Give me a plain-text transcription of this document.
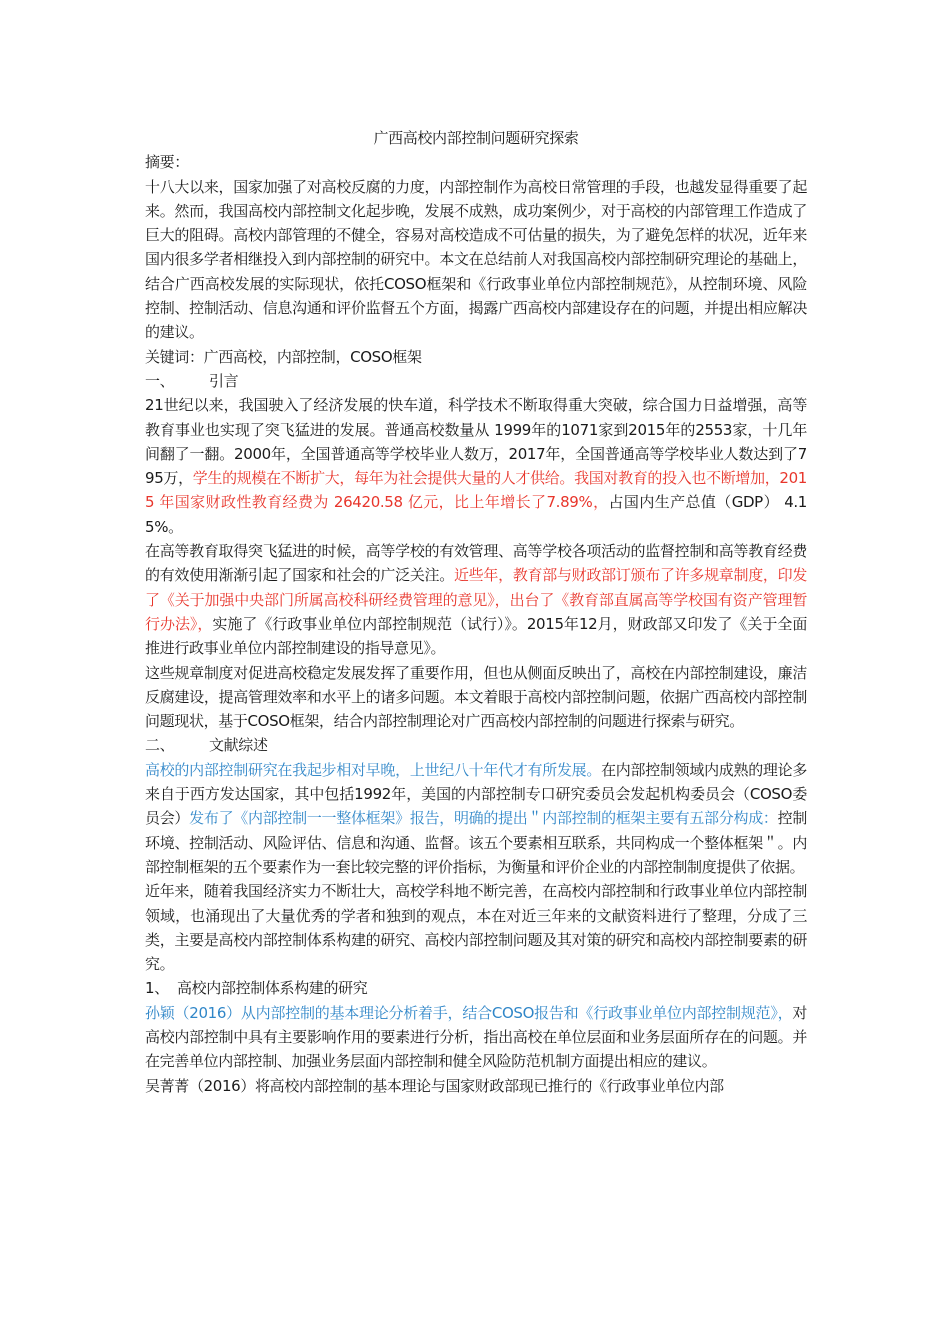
广西高校内部控制问题研究探索

摘要：

十八大以来，国家加强了对高校反腐的力度，内部控制作为高校日常管理的手段，也越发显得重要了起来。然而，我国高校内部控制文化起步晚，发展不成熟，成功案例少，对于高校的内部管理工作造成了巨大的阻碍。高校内部管理的不健全，容易对高校造成不可估量的损失，为了避免怎样的状况，近年来国内很多学者相继投入到内部控制的研究中。本文在总结前人对我国高校内部控制研究理论的基础上，结合广西高校发展的实际现状，依托COSO框架和《行政事业单位内部控制规范》，从控制环境、风险控制、控制活动、信息沟通和评价监督五个方面，揭露广西高校内部建设存在的问题，并提出相应解决的建议。

关键词：广西高校，内部控制，COSO框架

一、 引言

21世纪以来，我国驶入了经济发展的快车道，科学技术不断取得重大突破，综合国力日益增强，高等教育事业也实现了突飞猛进的发展。普通高校数量从 1999年的1071家到2015年的2553家，十几年间翻了一翻。2000年，全国普通高等学校毕业人数万，2017年，全国普通高等学校毕业人数达到了795万，学生的规模在不断扩大，每年为社会提供大量的人才供给。我国对教育的投入也不断增加，2015 年国家财政性教育经费为 26420.58 亿元，比上年增长了7.89%，占国内生产总值（GDP） 4.15%。

在高等教育取得突飞猛进的时候，高等学校的有效管理、高等学校各项活动的监督控制和高等教育经费的有效使用渐渐引起了国家和社会的广泛关注。近些年，教育部与财政部订颁布了许多规章制度，印发了《关于加强中央部门所属高校科研经费管理的意见》，出台了《教育部直属高等学校国有资产管理暂行办法》，实施了《行政事业单位内部控制规范（试行）》。2015年12月，财政部又印发了《关于全面推进行政事业单位内部控制建设的指导意见》。

这些规章制度对促进高校稳定发展发挥了重要作用，但也从侧面反映出了，高校在内部控制建设，廉洁反腐建设，提高管理效率和水平上的诸多问题。本文着眼于高校内部控制问题，依据广西高校内部控制问题现状，基于COSO框架，结合内部控制理论对广西高校内部控制的问题进行探索与研究。

二、 文献综述

高校的内部控制研究在我起步相对早晚，上世纪八十年代才有所发展。在内部控制领域内成熟的理论多来自于西方发达国家，其中包括1992年，美国的内部控制专口研究委员会发起机构委员会（COSO委员会）发布了《内部控制一一整体框架》报告，明确的提出＂内部控制的框架主要有五部分构成：控制环境、控制活动、风险评估、信息和沟通、监督。该五个要素相互联系，共同构成一个整体框架＂。内部控制框架的五个要素作为一套比较完整的评价指标，为衡量和评价企业的内部控制制度提供了依据。

近年来，随着我国经济实力不断壮大，高校学科地不断完善，在高校内部控制和行政事业单位内部控制领域，也涌现出了大量优秀的学者和独到的观点，本在对近三年来的文献资料进行了整理，分成了三类，主要是高校内部控制体系构建的研究、高校内部控制问题及其对策的研究和高校内部控制要素的研究。

1、 高校内部控制体系构建的研究

孙颖（2016）从内部控制的基本理论分析着手，结合COSO报告和《行政事业单位内部控制规范》，对高校内部控制中具有主要影响作用的要素进行分析，指出高校在单位层面和业务层面所存在的问题。并在完善单位内部控制、加强业务层面内部控制和健全风险防范机制方面提出相应的建议。

吴菁菁（2016）将高校内部控制的基本理论与国家财政部现已推行的《行政事业单位内部
